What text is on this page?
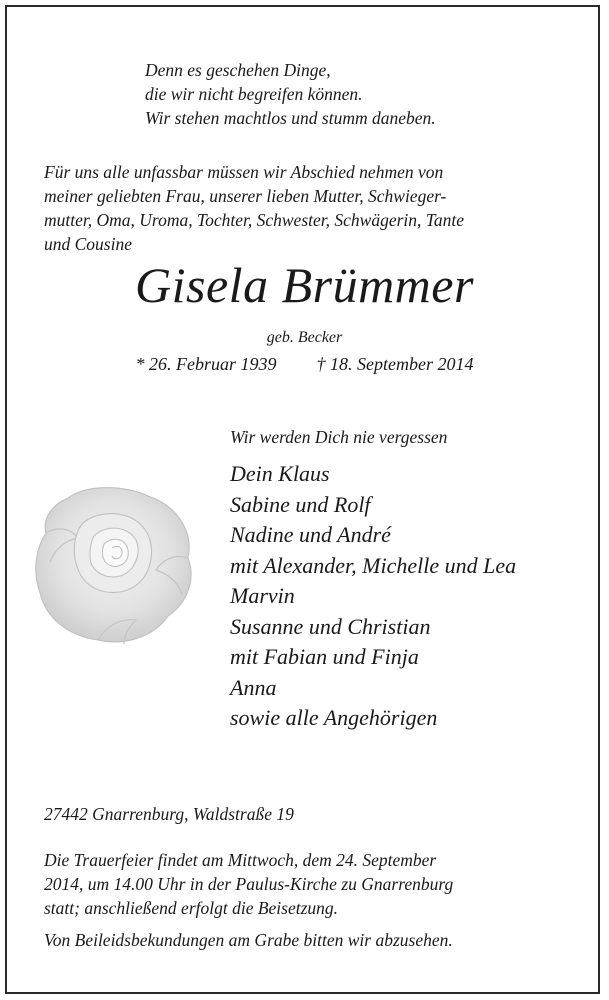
Denn es geschehen Dinge,
die wir nicht begreifen können.
Wir stehen machtlos und stumm daneben.
Für uns alle unfassbar müssen wir Abschied nehmen von
meiner geliebten Frau, unserer lieben Mutter, Schwieger-
mutter, Oma, Uroma, Tochter, Schwester, Schwägerin, Tante
und Cousine
Gisela Brümmer
geb. Becker
* 26. Februar 1939 † 18. September 2014
Wir werden Dich nie vergessen
Dein Klaus
Sabine und Rolf
Nadine und André
mit Alexander, Michelle und Lea
Marvin
Susanne und Christian
mit Fabian und Finja
Anna
sowie alle Angehörigen
27442 Gnarrenburg, Waldstraße 19
Die Trauerfeier findet am Mittwoch, dem 24. September
2014, um 14.00 Uhr in der Paulus-Kirche zu Gnarrenburg
statt; anschließend erfolgt die Beisetzung.
Von Beileidsbekundungen am Grabe bitten wir abzusehen.
